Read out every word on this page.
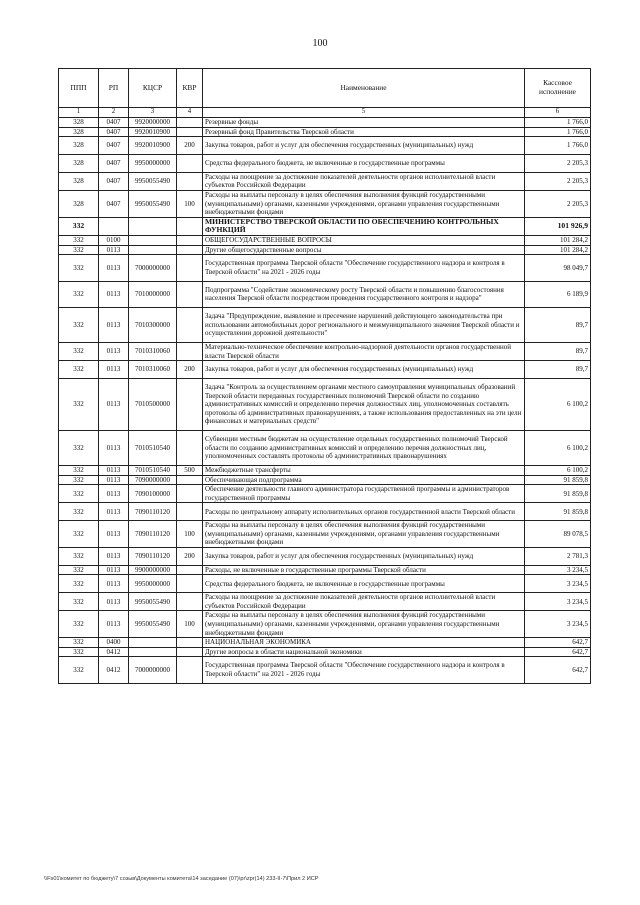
100
ППП	РП	КЦСР	КВР	Наименование	Кассовое исполнение
1	2	3	4	5	6
328	0407	9920000000		Резервные фонды	1 766,0
328	0407	9920010900		Резервный фонд Правительства Тверской области	1 766,0
328	0407	9920010900	200	Закупка товаров, работ и услуг для обеспечения государственных (муниципальных) нужд	1 766,0
328	0407	9950000000		Средства федерального бюджета, не включенные в государственные программы	2 205,3
328	0407	9950055490		Расходы на поощрение за достижение показателей деятельности органов исполнительной власти субъектов Российской Федерации	2 205,3
328	0407	9950055490	100	Расходы на выплаты персоналу в целях обеспечения выполнения функций государственными (муниципальными) органами, казенными учреждениями, органами управления государственными внебюджетными фондами	2 205,3
332				МИНИСТЕРСТВО ТВЕРСКОЙ ОБЛАСТИ ПО ОБЕСПЕЧЕНИЮ КОНТРОЛЬНЫХ ФУНКЦИЙ	101 926,9
332	0100			ОБЩЕГОСУДАРСТВЕННЫЕ ВОПРОСЫ	101 284,2
332	0113			Другие общегосударственные вопросы	101 284,2
332	0113	7000000000		Государственная программа Тверской области "Обеспечение государственного надзора и контроля в Тверской области" на 2021 - 2026 годы	98 049,7
332	0113	7010000000		Подпрограмма "Содействие экономическому росту Тверской области и повышению благосостояния населения Тверской области посредством проведения государственного контроля и надзора"	6 189,9
332	0113	7010300000		Задача "Предупреждение, выявление и пресечение нарушений действующего законодательства при использовании автомобильных дорог регионального и межмуниципального значения Тверской области и осуществлении дорожной деятельности"	89,7
332	0113	7010310060		Материально-техническое обеспечение контрольно-надзорной деятельности органов государственной власти Тверской области	89,7
332	0113	7010310060	200	Закупка товаров, работ и услуг для обеспечения государственных (муниципальных) нужд	89,7
332	0113	7010500000		Задача "Контроль за осуществлением органами местного самоуправления муниципальных образований Тверской области переданных государственных полномочий Тверской области по созданию административных комиссий и определению перечня должностных лиц, уполномоченных составлять протоколы об административных правонарушениях, а также использования предоставленных на эти цели финансовых и материальных средств"	6 100,2
332	0113	7010510540		Субвенции местным бюджетам на осуществление отдельных государственных полномочий Тверской области по созданию административных комиссий и определению перечня должностных лиц, уполномоченных составлять протоколы об административных правонарушениях	6 100,2
332	0113	7010510540	500	Межбюджетные трансферты	6 100,2
332	0113	7090000000		Обеспечивающая подпрограмма	91 859,8
332	0113	7090100000		Обеспечение деятельности главного администратора государственной программы и администраторов государственной программы	91 859,8
332	0113	7090110120		Расходы по центральному аппарату исполнительных органов государственной власти Тверской области	91 859,8
332	0113	7090110120	100	Расходы на выплаты персоналу в целях обеспечения выполнения функций государственными (муниципальными) органами, казенными учреждениями, органами управления государственными внебюджетными фондами	89 078,5
332	0113	7090110120	200	Закупка товаров, работ и услуг для обеспечения государственных (муниципальных) нужд	2 781,3
332	0113	9900000000		Расходы, не включенные в государственные программы Тверской области	3 234,5
332	0113	9950000000		Средства федерального бюджета, не включенные в государственные программы	3 234,5
332	0113	9950055490		Расходы на поощрение за достижение показателей деятельности органов исполнительной власти субъектов Российской Федерации	3 234,5
332	0113	9950055490	100	Расходы на выплаты персоналу в целях обеспечения выполнения функций государственными (муниципальными) органами, казенными учреждениями, органами управления государственными внебюджетными фондами	3 234,5
332	0400			НАЦИОНАЛЬНАЯ ЭКОНОМИКА	642,7
332	0412			Другие вопросы в области национальной экономики	642,7
332	0412	7000000000		Государственная программа Тверской области "Обеспечение государственного надзора и контроля в Тверской области" на 2021 - 2026 годы	642,7
\\Fs01\комитет по бюджету\7 созыв\Документы комитета\14 заседание (07)\pr\zpr(14) 233-II-7\Прил 2 ИСР
